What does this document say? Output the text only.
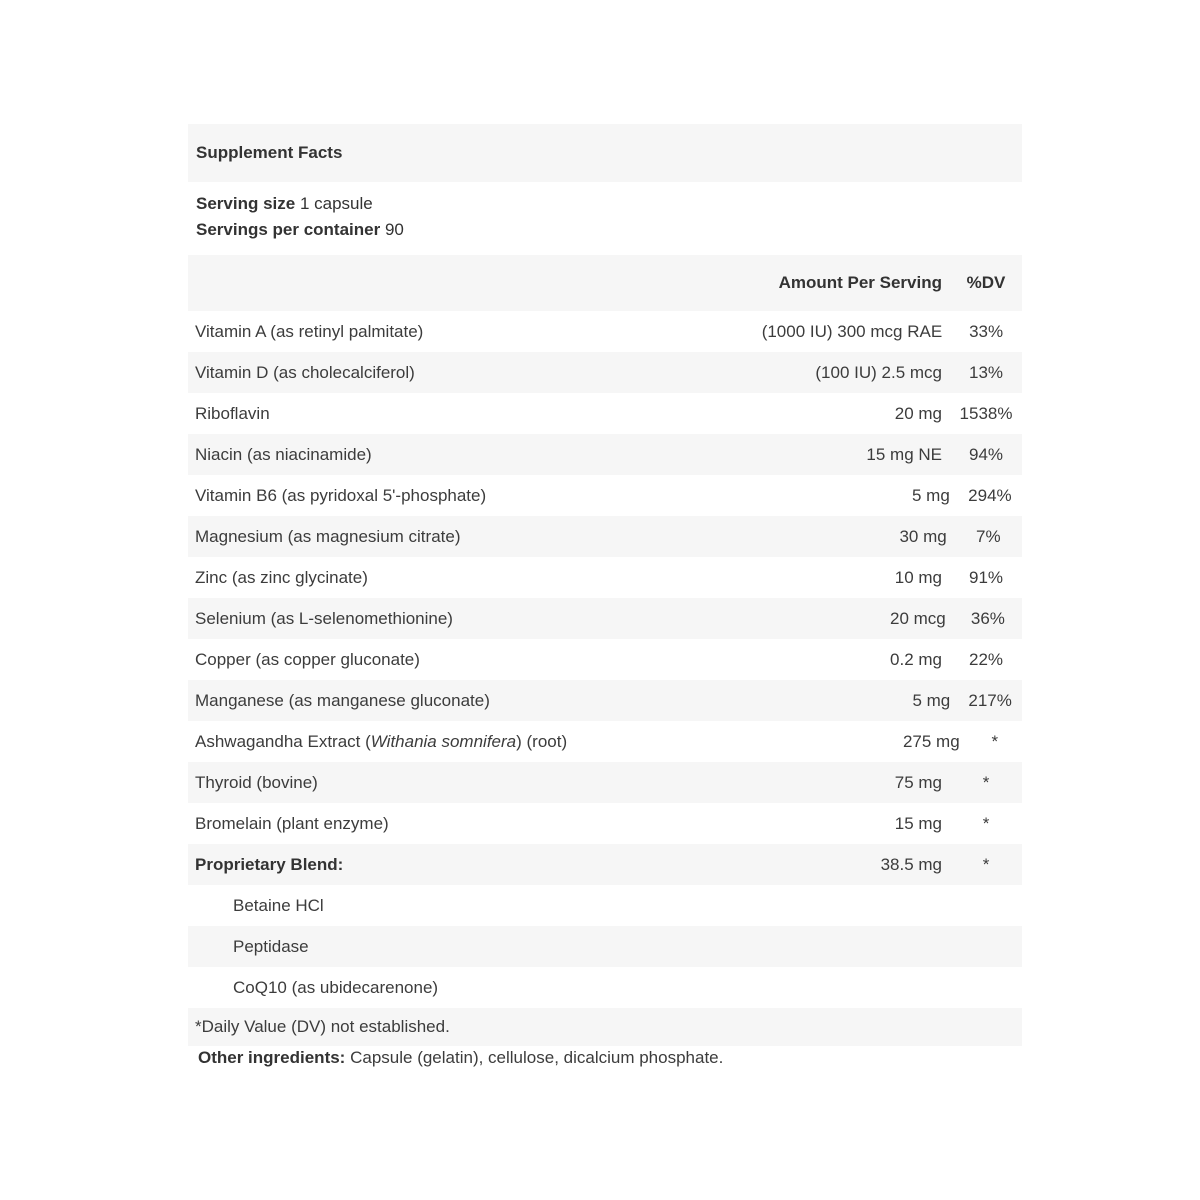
Supplement Facts
Serving size 1 capsule
Servings per container 90
Amount Per Serving	%DV
Vitamin A (as retinyl palmitate)	(1000 IU) 300 mcg RAE	33%
Vitamin D (as cholecalciferol)	(100 IU) 2.5 mcg	13%
Riboflavin	20 mg	1538%
Niacin (as niacinamide)	15 mg NE	94%
Vitamin B6 (as pyridoxal 5'-phosphate)	5 mg	294%
Magnesium (as magnesium citrate)	30 mg	7%
Zinc (as zinc glycinate)	10 mg	91%
Selenium (as L-selenomethionine)	20 mcg	36%
Copper (as copper gluconate)	0.2 mg	22%
Manganese (as manganese gluconate)	5 mg	217%
Ashwagandha Extract (Withania somnifera) (root)	275 mg	*
Thyroid (bovine)	75 mg	*
Bromelain (plant enzyme)	15 mg	*
Proprietary Blend:	38.5 mg	*
Betaine HCl
Peptidase
CoQ10 (as ubidecarenone)
*Daily Value (DV) not established.
Other ingredients: Capsule (gelatin), cellulose, dicalcium phosphate.
